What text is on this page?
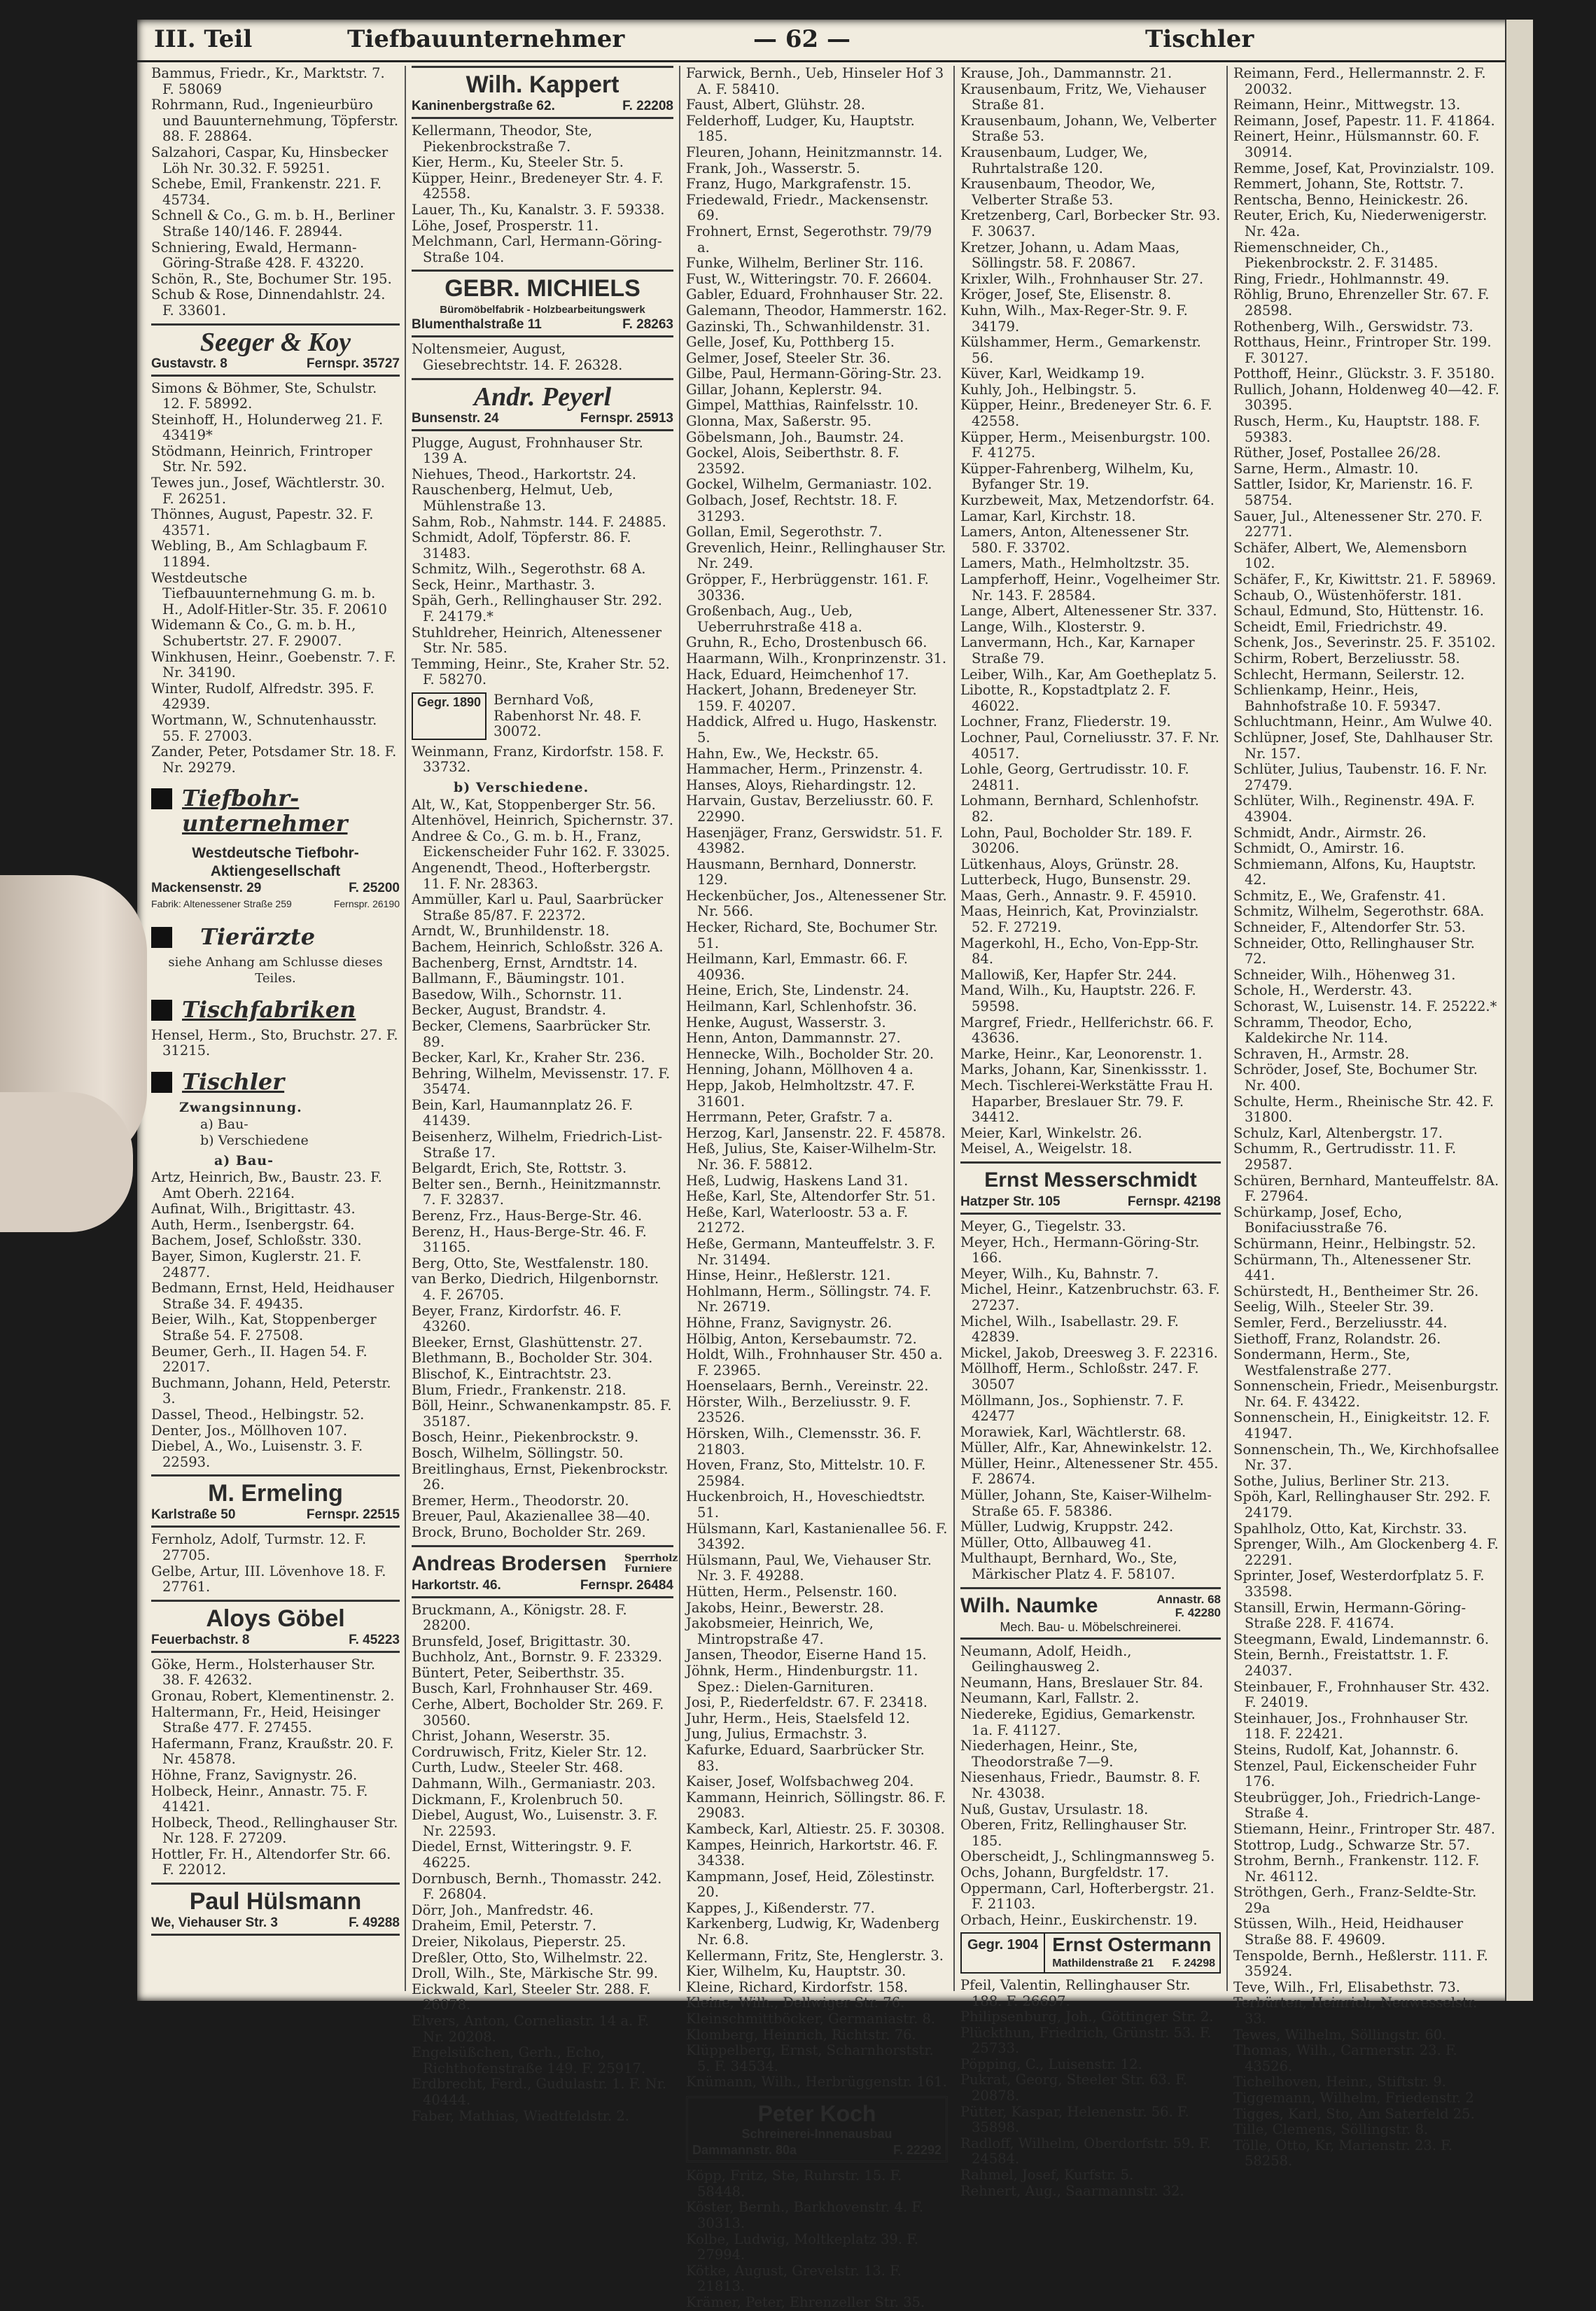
III. Teil	Tiefbauunternehmer	— 62 —	Tischler

Bammus, Friedr., Kr., Marktstr. 7. F. 58069

Rohrmann, Rud., Ingenieurbüro und Bauunternehmung, Töpferstr. 88. F. 28864.

Salzahori, Caspar, Ku, Hinsbecker Löh Nr. 30.32. F. 59251.

Schebe, Emil, Frankenstr. 221. F. 45734.

Schnell & Co., G. m. b. H., Berliner Straße 140/146. F. 28944.

Schniering, Ewald, Hermann-Göring-Straße 428. F. 43220.

Schön, R., Ste, Bochumer Str. 195.

Schub & Rose, Dinnendahlstr. 24. F. 33601.

Seeger & Koy
Gustavstr. 8	Fernspr. 35727

Simons & Böhmer, Ste, Schulstr. 12. F. 58992.

Steinhoff, H., Holunderweg 21. F. 43419*

Stödmann, Heinrich, Frintroper Str. Nr. 592.

Tewes jun., Josef, Wächtlerstr. 30. F. 26251.

Thönnes, August, Papestr. 32. F. 43571.

Webling, B., Am Schlagbaum F. 11894.

Westdeutsche Tiefbauunternehmung G. m. b. H., Adolf-Hitler-Str. 35. F. 20610

Widemann & Co., G. m. b. H., Schubertstr. 27. F. 29007.

Winkhusen, Heinr., Goebenstr. 7. F. Nr. 34190.

Winter, Rudolf, Alfredstr. 395. F. 42939.

Wortmann, W., Schnutenhausstr. 55. F. 27003.

Zander, Peter, Potsdamer Str. 18. F. Nr. 29279.

Tiefbohr-unternehmer
Westdeutsche Tiefbohr-Aktiengesellschaft
Mackensenstr. 29	F. 25200
Fabrik: Altenessener Straße 259	Fernspr. 26190
Tierärzte
siehe Anhang am Schlusse dieses Teiles.
Tischfabriken

Hensel, Herm., Sto, Bruchstr. 27. F. 31215.

Tischler
Zwangsinnung.
a) Bau-
b) Verschiedene
a) Bau-

Artz, Heinrich, Bw., Baustr. 23. F. Amt Oberh. 22164.

Aufinat, Wilh., Brigittastr. 43.

Auth, Herm., Isenbergstr. 64.

Bachem, Josef, Schloßstr. 330.

Bayer, Simon, Kuglerstr. 21. F. 24877.

Bedmann, Ernst, Held, Heidhauser Straße 34. F. 49435.

Beier, Wilh., Kat, Stoppenberger Straße 54. F. 27508.

Beumer, Gerh., II. Hagen 54. F. 22017.

Buchmann, Johann, Held, Peterstr. 3.

Dassel, Theod., Helbingstr. 52.

Denter, Jos., Möllhoven 107.

Diebel, A., Wo., Luisenstr. 3. F. 22593.

M. Ermeling
Karlstraße 50	Fernspr. 22515

Fernholz, Adolf, Turmstr. 12. F. 27705.

Gelbe, Artur, III. Lövenhove 18. F. 27761.

Aloys Göbel
Feuerbachstr. 8	F. 45223

Göke, Herm., Holsterhauser Str. 38. F. 42632.

Gronau, Robert, Klementinenstr. 2.

Haltermann, Fr., Heid, Heisinger Straße 477. F. 27455.

Hafermann, Franz, Kraußstr. 20. F. Nr. 45878.

Höhne, Franz, Savignystr. 26.

Holbeck, Heinr., Annastr. 75. F. 41421.

Holbeck, Theod., Rellinghauser Str. Nr. 128. F. 27209.

Hottler, Fr. H., Altendorfer Str. 66. F. 22012.

Paul Hülsmann
We, Viehauser Str. 3	F. 49288
Wilh. Kappert
Kaninenbergstraße 62.	F. 22208

Kellermann, Theodor, Ste, Piekenbrockstraße 7.

Kier, Herm., Ku, Steeler Str. 5.

Küpper, Heinr., Bredeneyer Str. 4. F. 42558.

Lauer, Th., Ku, Kanalstr. 3. F. 59338.

Löhe, Josef, Prosperstr. 11.

Melchmann, Carl, Hermann-Göring-Straße 104.

GEBR. MICHIELS
Büromöbelfabrik - Holzbearbeitungswerk
Blumenthalstraße 11	F. 28263

Noltensmeier, August, Giesebrechtstr. 14. F. 26328.

Andr. Peyerl
Bunsenstr. 24	Fernspr. 25913

Plugge, August, Frohnhauser Str. 139 A.

Niehues, Theod., Harkortstr. 24.

Rauschenberg, Helmut, Ueb, Mühlenstraße 13.

Sahm, Rob., Nahmstr. 144. F. 24885.

Schmidt, Adolf, Töpferstr. 86. F. 31483.

Schmitz, Wilh., Segerothstr. 68 A.

Seck, Heinr., Marthastr. 3.

Späh, Gerh., Rellinghauser Str. 292. F. 24179.*

Stuhldreher, Heinrich, Altenessener Str. Nr. 585.

Temming, Heinr., Ste, Kraher Str. 52. F. 58270.

Gegr. 1890 Bernhard Voß, Rabenhorst Nr. 48. F. 30072.

Weinmann, Franz, Kirdorfstr. 158. F. 33732.

b) Verschiedene.

Alt, W., Kat, Stoppenberger Str. 56.

Altenhövel, Heinrich, Spichernstr. 37.

Andree & Co., G. m. b. H., Franz, Eickenscheider Fuhr 162. F. 33025.

Angenendt, Theod., Hofterbergstr. 11. F. Nr. 28363.

Ammüller, Karl u. Paul, Saarbrücker Straße 85/87. F. 22372.

Arndt, W., Brunhildenstr. 18.

Bachem, Heinrich, Schloßstr. 326 A.

Bachenberg, Ernst, Arndtstr. 14.

Ballmann, F., Bäumingstr. 101.

Basedow, Wilh., Schornstr. 11.

Becker, August, Brandstr. 4.

Becker, Clemens, Saarbrücker Str. 89.

Becker, Karl, Kr., Kraher Str. 236.

Behring, Wilhelm, Mevissenstr. 17. F. 35474.

Bein, Karl, Haumannplatz 26. F. 41439.

Beisenherz, Wilhelm, Friedrich-List-Straße 17.

Belgardt, Erich, Ste, Rottstr. 3.

Belter sen., Bernh., Heinitzmannstr. 7. F. 32837.

Berenz, Frz., Haus-Berge-Str. 46.

Berenz, H., Haus-Berge-Str. 46. F. 31165.

Berg, Otto, Ste, Westfalenstr. 180.

van Berko, Diedrich, Hilgenbornstr. 4. F. 26705.

Beyer, Franz, Kirdorfstr. 46. F. 43260.

Bleeker, Ernst, Glashüttenstr. 27.

Blethmann, B., Bocholder Str. 304.

Blischof, K., Eintrachtstr. 23.

Blum, Friedr., Frankenstr. 218.

Böll, Heinr., Schwanenkampstr. 85. F. 35187.

Bosch, Heinr., Piekenbrockstr. 9.

Bosch, Wilhelm, Söllingstr. 50.

Breitlinghaus, Ernst, Piekenbrockstr. 26.

Bremer, Herm., Theodorstr. 20.

Breuer, Paul, Akazienallee 38—40.

Brock, Bruno, Bocholder Str. 269.

Andreas Brodersen Sperrholz Furniere
Harkortstr. 46.	Fernspr. 26484

Bruckmann, A., Königstr. 28. F. 28200.

Brunsfeld, Josef, Brigittastr. 30.

Buchholz, Ant., Bornstr. 9. F. 23329.

Büntert, Peter, Seiberthstr. 35.

Busch, Karl, Frohnhauser Str. 469.

Cerhe, Albert, Bocholder Str. 269. F. 30560.

Christ, Johann, Weserstr. 35.

Cordruwisch, Fritz, Kieler Str. 12.

Curth, Ludw., Steeler Str. 468.

Dahmann, Wilh., Germaniastr. 203.

Dickmann, F., Krolenbruch 50.

Diebel, August, Wo., Luisenstr. 3. F. Nr. 22593.

Diedel, Ernst, Witteringstr. 9. F. 46225.

Dornbusch, Bernh., Thomasstr. 242. F. 26804.

Dörr, Joh., Manfredstr. 46.

Draheim, Emil, Peterstr. 7.

Dreier, Nikolaus, Pieperstr. 25.

Dreßler, Otto, Sto, Wilhelmstr. 22.

Droll, Wilh., Ste, Märkische Str. 99.

Eickwald, Karl, Steeler Str. 288. F. 26078.

Elvers, Anton, Corneliastr. 14 a. F. Nr. 20208.

Engelsüßchen, Gerh., Echo, Richthofenstraße 149. F. 25917.

Erdbrecht, Ferd., Gudulastr. 1. F. Nr. 40444.

Faber, Mathias, Wiedtfeldstr. 2.

Farwick, Bernh., Ueb, Hinseler Hof 3 A. F. 58410.

Faust, Albert, Glühstr. 28.

Felderhoff, Ludger, Ku, Hauptstr. 185.

Fleuren, Johann, Heinitzmannstr. 14.

Frank, Joh., Wasserstr. 5.

Franz, Hugo, Markgrafenstr. 15.

Friedewald, Friedr., Mackensenstr. 69.

Frohnert, Ernst, Segerothstr. 79/79 a.

Funke, Wilhelm, Berliner Str. 116.

Fust, W., Witteringstr. 70. F. 26604.

Gabler, Eduard, Frohnhauser Str. 22.

Galemann, Theodor, Hammerstr. 162.

Gazinski, Th., Schwanhildenstr. 31.

Gelle, Josef, Ku, Potthberg 15.

Gelmer, Josef, Steeler Str. 36.

Gilbe, Paul, Hermann-Göring-Str. 23.

Gillar, Johann, Keplerstr. 94.

Gimpel, Matthias, Rainfelsstr. 10.

Glonna, Max, Saßerstr. 95.

Göbelsmann, Joh., Baumstr. 24.

Gockel, Alois, Seiberthstr. 8. F. 23592.

Gockel, Wilhelm, Germaniastr. 102.

Golbach, Josef, Rechtstr. 18. F. 31293.

Gollan, Emil, Segerothstr. 7.

Grevenlich, Heinr., Rellinghauser Str. Nr. 249.

Gröpper, F., Herbrüggenstr. 161. F. 30336.

Großenbach, Aug., Ueb, Ueberruhrstraße 418 a.

Gruhn, R., Echo, Drostenbusch 66.

Haarmann, Wilh., Kronprinzenstr. 31.

Hack, Eduard, Heimchenhof 17.

Hackert, Johann, Bredeneyer Str. 159. F. 40207.

Haddick, Alfred u. Hugo, Haskenstr. 5.

Hahn, Ew., We, Heckstr. 65.

Hammacher, Herm., Prinzenstr. 4.

Hanses, Aloys, Riehardingstr. 12.

Harvain, Gustav, Berzeliusstr. 60. F. 22990.

Hasenjäger, Franz, Gerswidstr. 51. F. 43982.

Hausmann, Bernhard, Donnerstr. 129.

Heckenbücher, Jos., Altenessener Str. Nr. 566.

Hecker, Richard, Ste, Bochumer Str. 51.

Heilmann, Karl, Emmastr. 66. F. 40936.

Heine, Erich, Ste, Lindenstr. 24.

Heilmann, Karl, Schlenhofstr. 36.

Henke, August, Wasserstr. 3.

Henn, Anton, Dammannstr. 27.

Hennecke, Wilh., Bocholder Str. 20.

Henning, Johann, Möllhoven 4 a.

Hepp, Jakob, Helmholtzstr. 47. F. 31601.

Herrmann, Peter, Grafstr. 7 a.

Herzog, Karl, Jansenstr. 22. F. 45878.

Heß, Julius, Ste, Kaiser-Wilhelm-Str. Nr. 36. F. 58812.

Heß, Ludwig, Haskens Land 31.

Heße, Karl, Ste, Altendorfer Str. 51.

Heße, Karl, Waterloostr. 53 a. F. 21272.

Heße, Germann, Manteuffelstr. 3. F. Nr. 31494.

Hinse, Heinr., Heßlerstr. 121.

Hohlmann, Herm., Söllingstr. 74. F. Nr. 26719.

Höhne, Franz, Savignystr. 26.

Hölbig, Anton, Kersebaumstr. 72.

Holdt, Wilh., Frohnhauser Str. 450 a. F. 23965.

Hoenselaars, Bernh., Vereinstr. 22.

Hörster, Wilh., Berzeliusstr. 9. F. 23526.

Hörsken, Wilh., Clemensstr. 36. F. 21803.

Hoven, Franz, Sto, Mittelstr. 10. F. 25984.

Huckenbroich, H., Hoveschiedtstr. 51.

Hülsmann, Karl, Kastanienallee 56. F. 34392.

Hülsmann, Paul, We, Viehauser Str. Nr. 3. F. 49288.

Hütten, Herm., Pelsenstr. 160.

Jakobs, Heinr., Bewerstr. 28.

Jakobsmeier, Heinrich, We, Mintropstraße 47.

Jansen, Theodor, Eiserne Hand 15.

Jöhnk, Herm., Hindenburgstr. 11. Spez.: Dielen-Garnituren.

Josi, P., Riederfeldstr. 67. F. 23418.

Juhr, Herm., Heis, Staelsfeld 12.

Jung, Julius, Ermachstr. 3.

Kafurke, Eduard, Saarbrücker Str. 83.

Kaiser, Josef, Wolfsbachweg 204.

Kammann, Heinrich, Söllingstr. 86. F. 29083.

Kambeck, Karl, Altiestr. 25. F. 30308.

Kampes, Heinrich, Harkortstr. 46. F. 34338.

Kampmann, Josef, Heid, Zölestinstr. 20.

Kappes, J., Kißenderstr. 77.

Karkenberg, Ludwig, Kr, Wadenberg Nr. 6.8.

Kellermann, Fritz, Ste, Henglerstr. 3.

Kier, Wilhelm, Ku, Hauptstr. 30.

Kleine, Richard, Kirdorfstr. 158.

Kleine, Wilh., Dellwiger Str. 76.

Kleinschmittböcker, Germaniastr. 8.

Klomberg, Heinrich, Richtstr. 76.

Klüppelberg, Ernst, Scharnhorststr. 5. F. 34534.

Knümann, Wilh., Herbrüggenstr. 161.

Peter Koch
Schreinerei-Innenausbau
Dammannstr. 80a	F. 22292

Köpp, Fritz, Ste, Ruhrstr. 15. F. 58448.

Köster, Bernh., Barkhovenstr. 4. F. 30313.

Kolbe, Ludwig, Moltkeplatz 39. F. 27994.

Kötke, August, Grevelstr. 13. F. 21813.

Krämer, Peter, Ehrenzeller Str. 35.

Krause, Joh., Dammannstr. 21.

Krausenbaum, Fritz, We, Viehauser Straße 81.

Krausenbaum, Johann, We, Velberter Straße 53.

Krausenbaum, Ludger, We, Ruhrtalstraße 120.

Krausenbaum, Theodor, We, Velberter Straße 53.

Kretzenberg, Carl, Borbecker Str. 93. F. 30637.

Kretzer, Johann, u. Adam Maas, Söllingstr. 58. F. 20867.

Krixler, Wilh., Frohnhauser Str. 27.

Kröger, Josef, Ste, Elisenstr. 8.

Kuhn, Wilh., Max-Reger-Str. 9. F. 34179.

Külshammer, Herm., Gemarkenstr. 56.

Küver, Karl, Weidkamp 19.

Kuhly, Joh., Helbingstr. 5.

Küpper, Heinr., Bredeneyer Str. 6. F. 42558.

Küpper, Herm., Meisenburgstr. 100. F. 41275.

Küpper-Fahrenberg, Wilhelm, Ku, Byfanger Str. 19.

Kurzbeweit, Max, Metzendorfstr. 64.

Lamar, Karl, Kirchstr. 18.

Lamers, Anton, Altenessener Str. 580. F. 33702.

Lamers, Math., Helmholtzstr. 35.

Lampferhoff, Heinr., Vogelheimer Str. Nr. 143. F. 28584.

Lange, Albert, Altenessener Str. 337.

Lange, Wilh., Klosterstr. 9.

Lanvermann, Hch., Kar, Karnaper Straße 79.

Leiber, Wilh., Kar, Am Goetheplatz 5.

Libotte, R., Kopstadtplatz 2. F. 46022.

Lochner, Franz, Fliederstr. 19.

Lochner, Paul, Corneliusstr. 37. F. Nr. 40517.

Lohle, Georg, Gertrudisstr. 10. F. 24811.

Lohmann, Bernhard, Schlenhofstr. 82.

Lohn, Paul, Bocholder Str. 189. F. 30206.

Lütkenhaus, Aloys, Grünstr. 28.

Lutterbeck, Hugo, Bunsenstr. 29.

Maas, Gerh., Annastr. 9. F. 45910.

Maas, Heinrich, Kat, Provinzialstr. 52. F. 27219.

Magerkohl, H., Echo, Von-Epp-Str. 84.

Mallowiß, Ker, Hapfer Str. 244.

Mand, Wilh., Ku, Hauptstr. 226. F. 59598.

Margref, Friedr., Hellferichstr. 66. F. 43636.

Marke, Heinr., Kar, Leonorenstr. 1.

Marks, Johann, Kar, Sinenkissstr. 1.

Mech. Tischlerei-Werkstätte Frau H. Haparber, Breslauer Str. 79. F. 34412.

Meier, Karl, Winkelstr. 26.

Meisel, A., Weigelstr. 18.

Ernst Messerschmidt
Hatzper Str. 105	Fernspr. 42198

Meyer, G., Tiegelstr. 33.

Meyer, Hch., Hermann-Göring-Str. 166.

Meyer, Wilh., Ku, Bahnstr. 7.

Michel, Heinr., Katzenbruchstr. 63. F. 27237.

Michel, Wilh., Isabellastr. 29. F. 42839.

Mickel, Jakob, Dreesweg 3. F. 22316.

Möllhoff, Herm., Schloßstr. 247. F. 30507

Möllmann, Jos., Sophienstr. 7. F. 42477

Morawiek, Karl, Wächtlerstr. 68.

Müller, Alfr., Kar, Ahnewinkelstr. 12.

Müller, Heinr., Altenessener Str. 455. F. 28674.

Müller, Johann, Ste, Kaiser-Wilhelm-Straße 65. F. 58386.

Müller, Ludwig, Kruppstr. 242.

Müller, Otto, Allbauweg 41.

Multhaupt, Bernhard, Wo., Ste, Märkischer Platz 4. F. 58107.

Wilh. Naumke	Annastr. 68
F. 42280
Mech. Bau- u. Möbelschreinerei.

Neumann, Adolf, Heidh., Geilinghausweg 2.

Neumann, Hans, Breslauer Str. 84.

Neumann, Karl, Fallstr. 2.

Niedereke, Egidius, Gemarkenstr. 1a. F. 41127.

Niederhagen, Heinr., Ste, Theodorstraße 7—9.

Niesenhaus, Friedr., Baumstr. 8. F. Nr. 43038.

Nuß, Gustav, Ursulastr. 18.

Oberen, Fritz, Rellinghauser Str. 185.

Oberscheidt, J., Schlingmannsweg 5.

Ochs, Johann, Burgfeldstr. 17.

Oppermann, Carl, Hofterbergstr. 21. F. 21103.

Orbach, Heinr., Euskirchenstr. 19.

Gegr. 1904 Ernst Ostermann
Mathildenstraße 21 F. 24298

Pfeil, Valentin, Rellinghauser Str. 188. F. 26697.

Philipsenburg, Joh., Göttinger Str. 2.

Plückthun, Friedrich, Grünstr. 53. F. 25733.

Pöpping, C., Luisenstr. 12.

Pukrat, Georg, Steeler Str. 63. F. 20878.

Pütter, Kaspar, Helenenstr. 56. F. 35898.

Radloff, Wilhelm, Oberdorfstr. 59. F. 24584.

Rahmel, Josef, Kurfstr. 5.

Rehnert, Aug., Saarmannstr. 32.

Reimann, Ferd., Hellermannstr. 2. F. 20032.

Reimann, Heinr., Mittwegstr. 13.

Reimann, Josef, Papestr. 11. F. 41864.

Reinert, Heinr., Hülsmannstr. 60. F. 30914.

Remme, Josef, Kat, Provinzialstr. 109.

Remmert, Johann, Ste, Rottstr. 7.

Rentscha, Benno, Heinickestr. 26.

Reuter, Erich, Ku, Niederwenigerstr. Nr. 42a.

Riemenschneider, Ch., Piekenbrockstr. 2. F. 31485.

Ring, Friedr., Hohlmannstr. 49.

Röhlig, Bruno, Ehrenzeller Str. 67. F. 28598.

Rothenberg, Wilh., Gerswidstr. 73.

Rotthaus, Heinr., Frintroper Str. 199. F. 30127.

Potthoff, Heinr., Glückstr. 3. F. 35180.

Rullich, Johann, Holdenweg 40—42. F. 30395.

Rusch, Herm., Ku, Hauptstr. 188. F. 59383.

Rüther, Josef, Postallee 26/28.

Sarne, Herm., Almastr. 10.

Sattler, Isidor, Kr, Marienstr. 16. F. 58754.

Sauer, Jul., Altenessener Str. 270. F. 22771.

Schäfer, Albert, We, Alemensborn 102.

Schäfer, F., Kr, Kiwittstr. 21. F. 58969.

Schaub, O., Wüstenhöferstr. 181.

Schaul, Edmund, Sto, Hüttenstr. 16.

Scheidt, Emil, Friedrichstr. 49.

Schenk, Jos., Severinstr. 25. F. 35102.

Schirm, Robert, Berzeliusstr. 58.

Schlecht, Hermann, Seilerstr. 12.

Schlienkamp, Heinr., Heis, Bahnhofstraße 10. F. 59347.

Schluchtmann, Heinr., Am Wulwe 40.

Schlüpner, Josef, Ste, Dahlhauser Str. Nr. 157.

Schlüter, Julius, Taubenstr. 16. F. Nr. 27479.

Schlüter, Wilh., Reginenstr. 49A. F. 43904.

Schmidt, Andr., Airmstr. 26.

Schmidt, O., Amirstr. 16.

Schmiemann, Alfons, Ku, Hauptstr. 42.

Schmitz, E., We, Grafenstr. 41.

Schmitz, Wilhelm, Segerothstr. 68A.

Schneider, F., Altendorfer Str. 53.

Schneider, Otto, Rellinghauser Str. 72.

Schneider, Wilh., Höhenweg 31.

Schole, H., Werderstr. 43.

Schorast, W., Luisenstr. 14. F. 25222.*

Schramm, Theodor, Echo, Kaldekirche Nr. 114.

Schraven, H., Armstr. 28.

Schröder, Josef, Ste, Bochumer Str. Nr. 400.

Schulte, Herm., Rheinische Str. 42. F. 31800.

Schulz, Karl, Altenbergstr. 17.

Schumm, R., Gertrudisstr. 11. F. 29587.

Schüren, Bernhard, Manteuffelstr. 8A. F. 27964.

Schürkamp, Josef, Echo, Bonifaciusstraße 76.

Schürmann, Heinr., Helbingstr. 52.

Schürmann, Th., Altenessener Str. 441.

Schürstedt, H., Bentheimer Str. 26.

Seelig, Wilh., Steeler Str. 39.

Semler, Ferd., Berzeliusstr. 44.

Siethoff, Franz, Rolandstr. 26.

Sondermann, Herm., Ste, Westfalenstraße 277.

Sonnenschein, Friedr., Meisenburgstr. Nr. 64. F. 43422.

Sonnenschein, H., Einigkeitstr. 12. F. 41947.

Sonnenschein, Th., We, Kirchhofsallee Nr. 37.

Sothe, Julius, Berliner Str. 213.

Spöh, Karl, Rellinghauser Str. 292. F. 24179.

Spahlholz, Otto, Kat, Kirchstr. 33.

Sprenger, Wilh., Am Glockenberg 4. F. 22291.

Sprinter, Josef, Westerdorfplatz 5. F. 33598.

Stansill, Erwin, Hermann-Göring-Straße 228. F. 41674.

Steegmann, Ewald, Lindemannstr. 6.

Stein, Bernh., Freistattstr. 1. F. 24037.

Steinbauer, F., Frohnhauser Str. 432. F. 24019.

Steinhauer, Jos., Frohnhauser Str. 118. F. 22421.

Steins, Rudolf, Kat, Johannstr. 6.

Stenzel, Paul, Eickenscheider Fuhr 176.

Steubrügger, Joh., Friedrich-Lange-Straße 4.

Stiemann, Heinr., Frintroper Str. 487.

Stottrop, Ludg., Schwarze Str. 57.

Strohm, Bernh., Frankenstr. 112. F. Nr. 46112.

Ströthgen, Gerh., Franz-Seldte-Str. 29a

Stüssen, Wilh., Heid, Heidhauser Straße 88. F. 49609.

Tenspolde, Bernh., Heßlerstr. 111. F. 35924.

Teve, Wilh., Frl, Elisabethstr. 73.

Terbürten, Heinrich, Neuwesselstr. 33.

Tewes, Wilhelm, Söllingstr. 60.

Thomas, Wilh., Carmerstr. 23. F. 43526.

Tichelhoven, Heinr., Stiftstr. 9.

Tiggemann, Wilhelm, Friedenstr. 2

Tigges, Karl, Sto, Am Saterfeld 25.

Tille, Clemens, Söllingstr. 8.

Tölle, Otto, Kr, Marienstr. 23. F. 58258.
